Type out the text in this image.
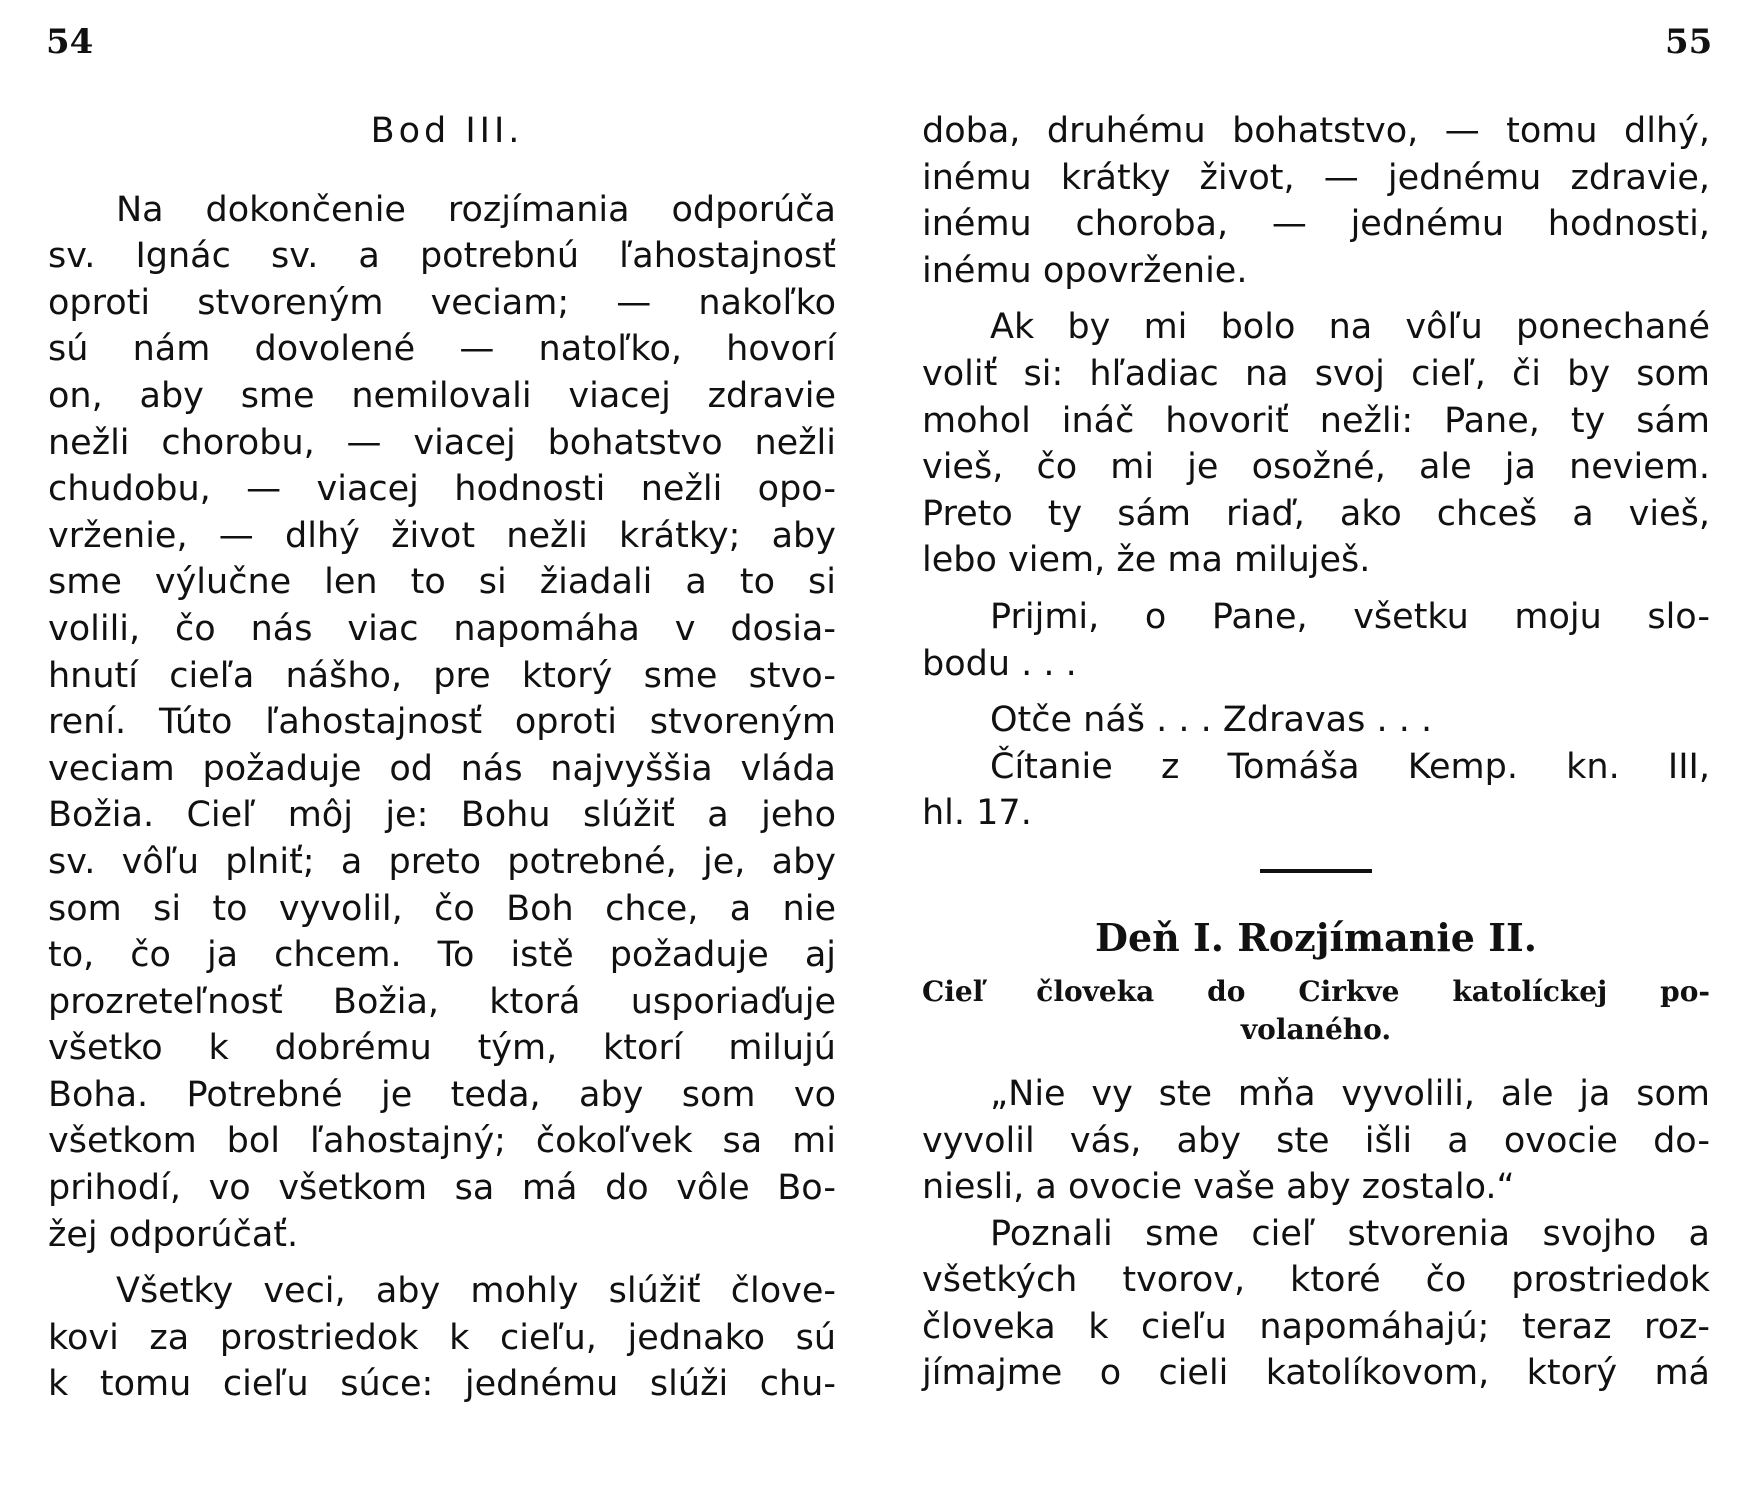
54	55
Bod III.

Na dokončenie rozjímania odporúča
sv. Ignác sv. a potrebnú ľahostajnosť
oproti stvoreným veciam; — nakoľko
sú nám dovolené — natoľko, hovorí
on, aby sme nemilovali viacej zdravie
nežli chorobu, — viacej bohatstvo nežli
chudobu, — viacej hodnosti nežli opo-
vrženie, — dlhý život nežli krátky; aby
sme výlučne len to si žiadali a to si
volili, čo nás viac napomáha v dosia-
hnutí cieľa nášho, pre ktorý sme stvo-
rení. Túto ľahostajnosť oproti stvoreným
veciam požaduje od nás najvyššia vláda
Božia. Cieľ môj je: Bohu slúžiť a jeho
sv. vôľu plniť; a preto potrebné, je, aby
som si to vyvolil, čo Boh chce, a nie
to, čo ja chcem. To istě požaduje aj
prozreteľnosť Božia, ktorá usporiaďuje
všetko k dobrému tým, ktorí milujú
Boha. Potrebné je teda, aby som vo
všetkom bol ľahostajný; čokoľvek sa mi
prihodí, vo všetkom sa má do vôle Bo-
žej odporúčať.

Všetky veci, aby mohly slúžiť člove-
kovi za prostriedok k cieľu, jednako sú
k tomu cieľu súce: jednému slúži chu-

doba, druhému bohatstvo, — tomu dlhý,
inému krátky život, — jednému zdravie,
inému choroba, — jednému hodnosti,
inému opovrženie.

Ak by mi bolo na vôľu ponechané
voliť si: hľadiac na svoj cieľ, či by som
mohol ináč hovoriť nežli: Pane, ty sám
vieš, čo mi je osožné, ale ja neviem.
Preto ty sám riaď, ako chceš a vieš,
lebo viem, že ma miluješ.

Prijmi, o Pane, všetku moju slo-
bodu . . .

Otče náš . . . Zdravas . . .

Čítanie z Tomáša Kemp. kn. III,
hl. 17.

Deň I. Rozjímanie II.
Cieľ človeka do Cirkve katolíckej po-
volaného.

„Nie vy ste mňa vyvolili, ale ja som
vyvolil vás, aby ste išli a ovocie do-
niesli, a ovocie vaše aby zostalo.“

Poznali sme cieľ stvorenia svojho a
všetkých tvorov, ktoré čo prostriedok
človeka k cieľu napomáhajú; teraz roz-
jímajme o cieli katolíkovom, ktorý má
